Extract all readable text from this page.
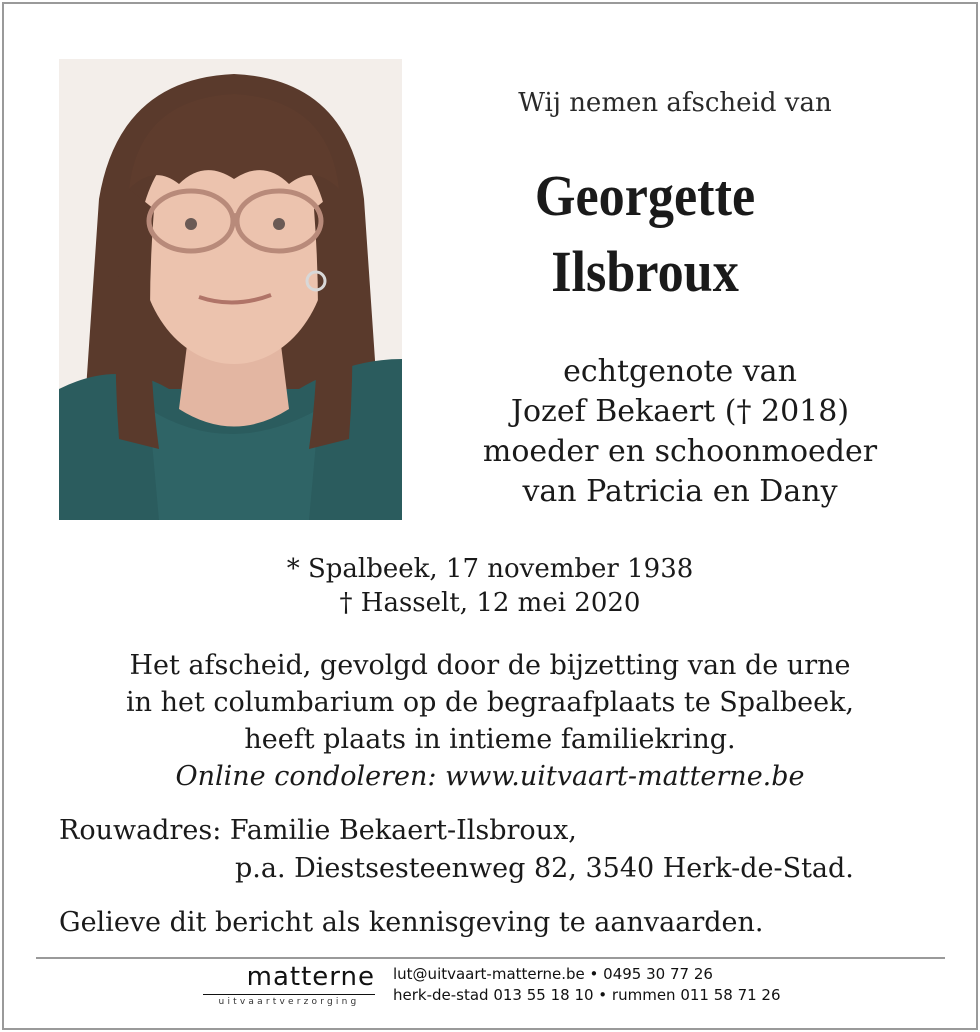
Wij nemen afscheid van
Georgette
Ilsbroux
echtgenote van
Jozef Bekaert († 2018)
moeder en schoonmoeder
van Patricia en Dany
* Spalbeek, 17 november 1938
† Hasselt, 12 mei 2020
Het afscheid, gevolgd door de bijzetting van de urne
in het columbarium op de begraafplaats te Spalbeek,
heeft plaats in intieme familiekring.
Online condoleren: www.uitvaart-matterne.be
Rouwadres: Familie Bekaert-Ilsbroux,
p.a. Diestsesteenweg 82, 3540 Herk-de-Stad.
Gelieve dit bericht als kennisgeving te aanvaarden.
matterne
uitvaartverzorging
lut@uitvaart-matterne.be • 0495 30 77 26
herk-de-stad 013 55 18 10 • rummen 011 58 71 26
